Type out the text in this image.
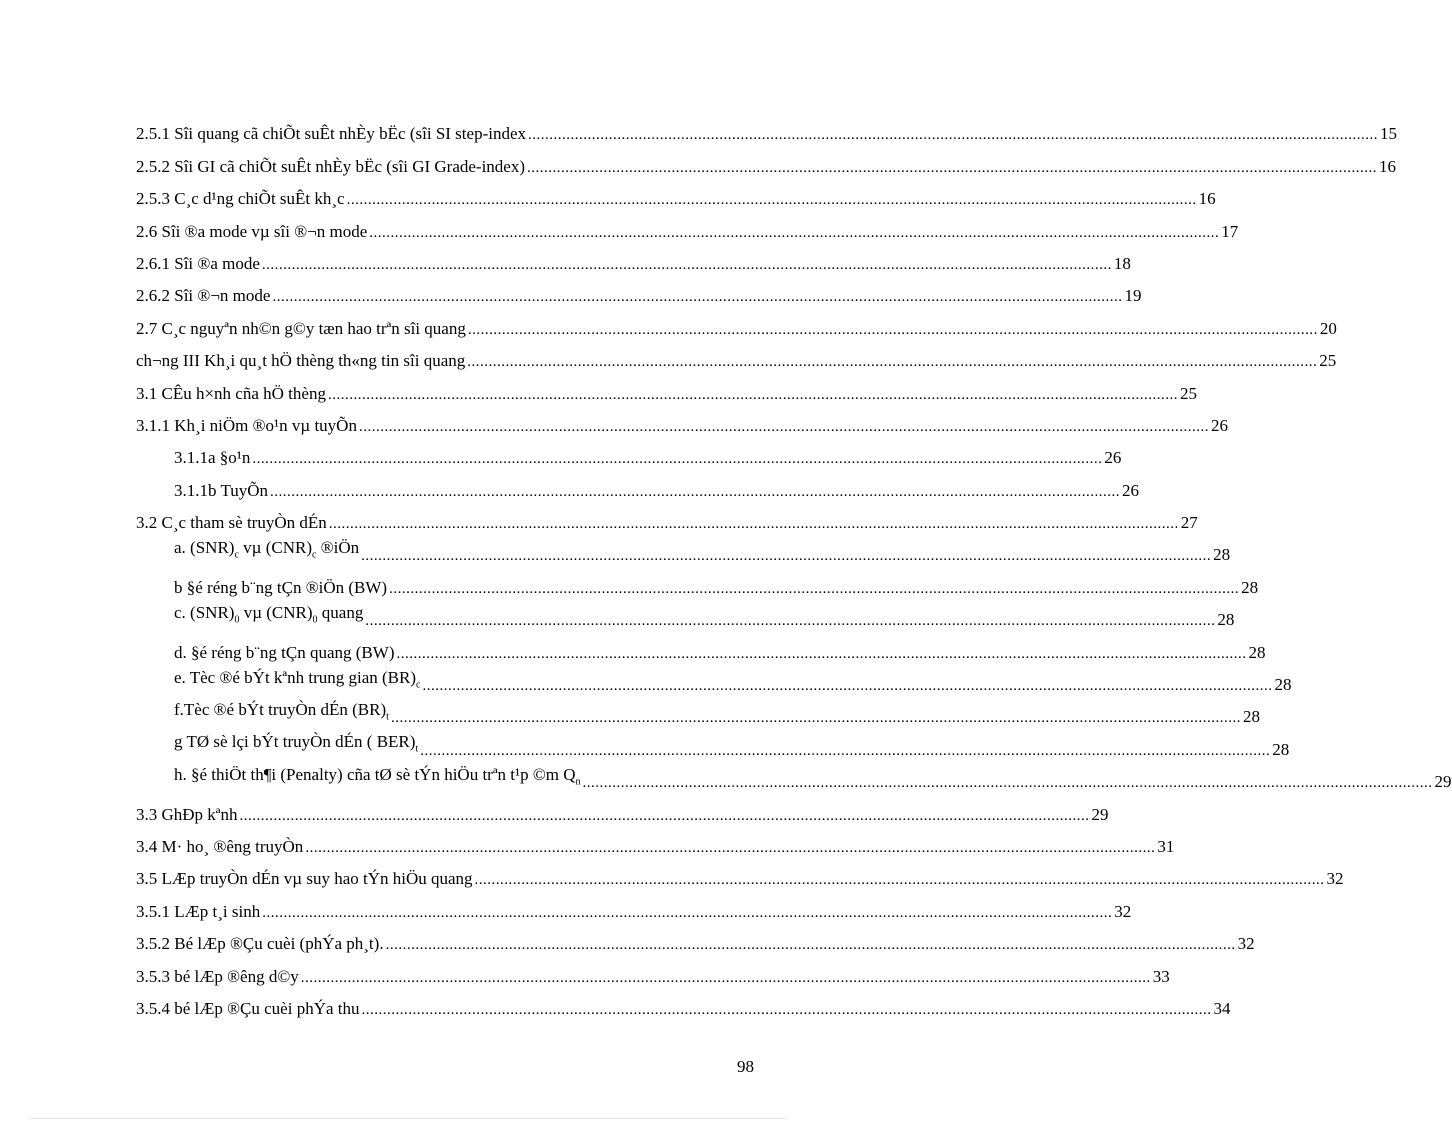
2.5.1 Sîi quang cã chiÕt suÊt nhÈy bËc (sîi SI step-index ........................................................................................................................................................................................................ 15
2.5.2 Sîi GI cã chiÕt suÊt nhÈy bËc (sîi GI Grade-index) ........................................................................................................................................................................................................ 16
2.5.3 C¸c d¹ng chiÕt suÊt kh¸c ........................................................................................................................................................................................................ 16
2.6 Sîi ®a mode vµ sîi ®¬n mode ........................................................................................................................................................................................................ 17
2.6.1 Sîi ®a mode ........................................................................................................................................................................................................ 18
2.6.2 Sîi ®¬n mode ........................................................................................................................................................................................................ 19
2.7 C¸c nguyªn nh©n g©y tæn hao trªn sîi quang ........................................................................................................................................................................................................ 20
ch¬ng III Kh¸i qu¸t hÖ thèng th«ng tin sîi quang ........................................................................................................................................................................................................ 25
3.1 CÊu h×nh cña hÖ thèng ........................................................................................................................................................................................................ 25
3.1.1 Kh¸i niÖm ®o¹n vµ tuyÕn ........................................................................................................................................................................................................ 26
3.1.1a §o¹n ........................................................................................................................................................................................................ 26
3.1.1b TuyÕn ........................................................................................................................................................................................................ 26
3.2 C¸c tham sè truyÒn dÉn ........................................................................................................................................................................................................ 27
a. $(SNR)_c$ vµ $(CNR)_c$ ®iÖn ........................................................................................................................................................................................................ 28
b §é réng b¨ng tÇn ®iÖn (BW) ........................................................................................................................................................................................................ 28
c. $(SNR)_0$ vµ $(CNR)_0$ quang ........................................................................................................................................................................................................ 28
d. §é réng b¨ng tÇn quang (BW) ........................................................................................................................................................................................................ 28
e. Tèc ®é bÝt kªnh trung gian $(BR)_c$ ........................................................................................................................................................................................................ 28
f.Tèc ®é bÝt truyÒn dÉn $(BR)_t$ ........................................................................................................................................................................................................ 28
g TØ sè lçi bÝt truyÒn dÉn ( $BER)_t$ ........................................................................................................................................................................................................ 28
h. §é thiÖt th¶i (Penalty) cña tØ sè tÝn hiÖu trªn t¹p ©m $Q_n$ ........................................................................................................................................................................................................ 29
3.3 GhÐp kªnh ........................................................................................................................................................................................................ 29
3.4 M· ho¸ ®êng truyÒn ........................................................................................................................................................................................................ 31
3.5 LÆp truyÒn dÉn vµ suy hao tÝn hiÖu quang ........................................................................................................................................................................................................ 32
3.5.1 LÆp t¸i sinh ........................................................................................................................................................................................................ 32
3.5.2 Bé lÆp ®Çu cuèi (phÝa ph¸t). ........................................................................................................................................................................................................ 32
3.5.3 bé lÆp ®êng d©y ........................................................................................................................................................................................................ 33
3.5.4 bé lÆp ®Çu cuèi phÝa thu ........................................................................................................................................................................................................ 34
98
